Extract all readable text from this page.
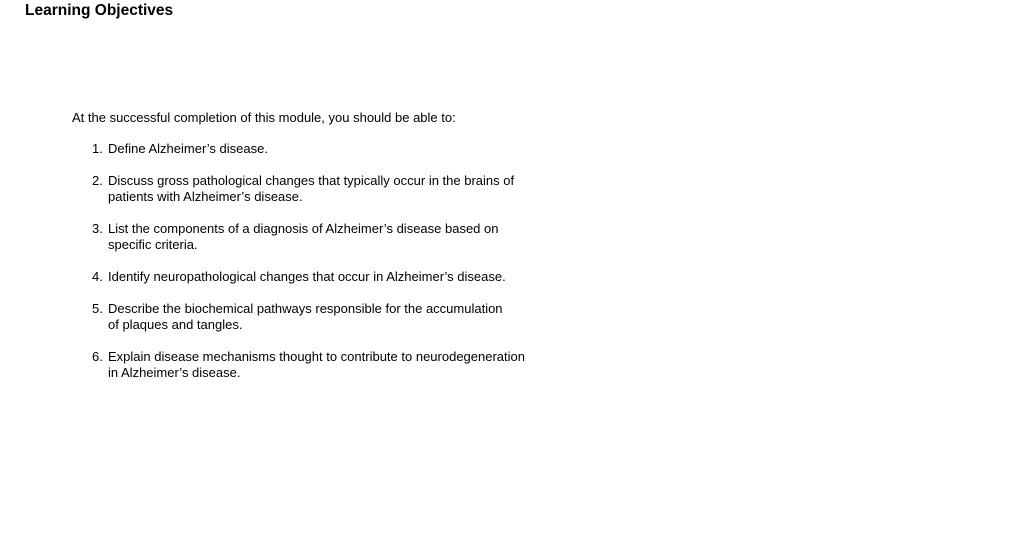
Learning Objectives

At the successful completion of this module, you should be able to:

1. Define Alzheimer’s disease.
2. Discuss gross pathological changes that typically occur in the brains of
patients with Alzheimer’s disease.
3. List the components of a diagnosis of Alzheimer’s disease based on
specific criteria.
4. Identify neuropathological changes that occur in Alzheimer’s disease.
5. Describe the biochemical pathways responsible for the accumulation
of plaques and tangles.
6. Explain disease mechanisms thought to contribute to neurodegeneration
in Alzheimer’s disease.
